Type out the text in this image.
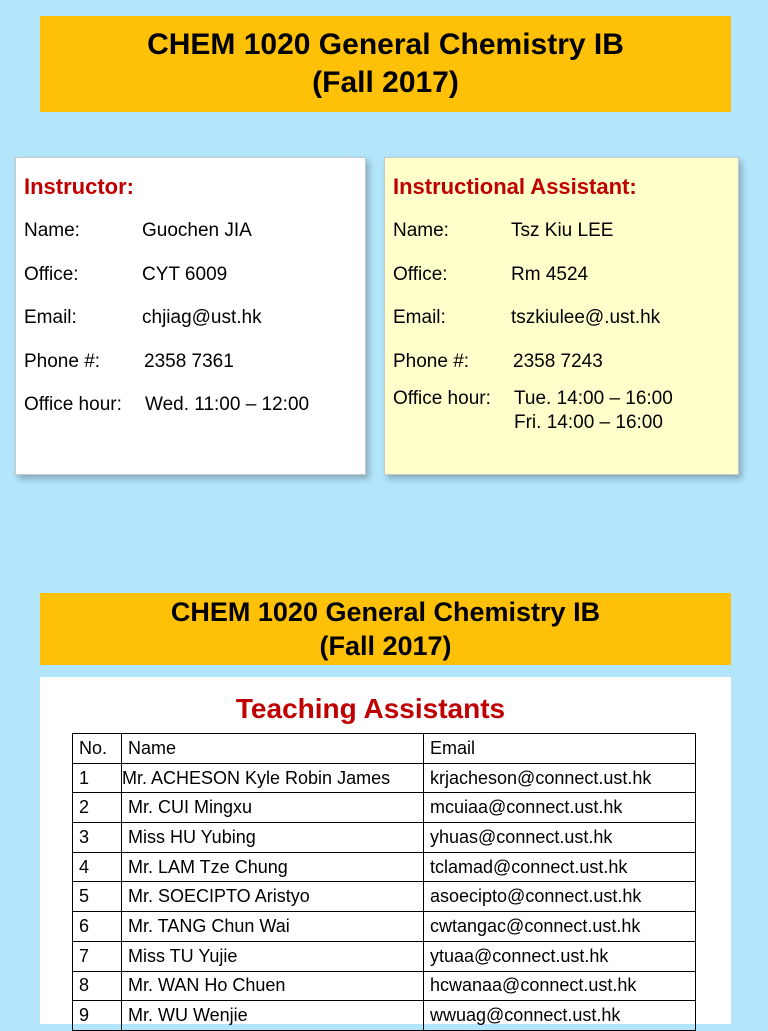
CHEM 1020 General Chemistry IB
(Fall 2017)
Instructor:
Name:	Guochen JIA
Office:	CYT 6009
Email:	chjiag@ust.hk
Phone #: 2358 7361
Office hour: Wed. 11:00 – 12:00
Instructional Assistant:
Name:	Tsz Kiu LEE
Office:	Rm 4524
Email:	tszkiulee@.ust.hk
Phone #: 2358 7243
Office hour: Tue. 14:00 – 16:00
Fri. 14:00 – 16:00
CHEM 1020 General Chemistry IB
(Fall 2017)
Teaching Assistants
No.	Name	Email
1	Mr. ACHESON Kyle Robin James	krjacheson@connect.ust.hk
2	Mr. CUI Mingxu	mcuiaa@connect.ust.hk
3	Miss HU Yubing	yhuas@connect.ust.hk
4	Mr. LAM Tze Chung	tclamad@connect.ust.hk
5	Mr. SOECIPTO Aristyo	asoecipto@connect.ust.hk
6	Mr. TANG Chun Wai	cwtangac@connect.ust.hk
7	Miss TU Yujie	ytuaa@connect.ust.hk
8	Mr. WAN Ho Chuen	hcwanaa@connect.ust.hk
9	Mr. WU Wenjie	wwuag@connect.ust.hk
